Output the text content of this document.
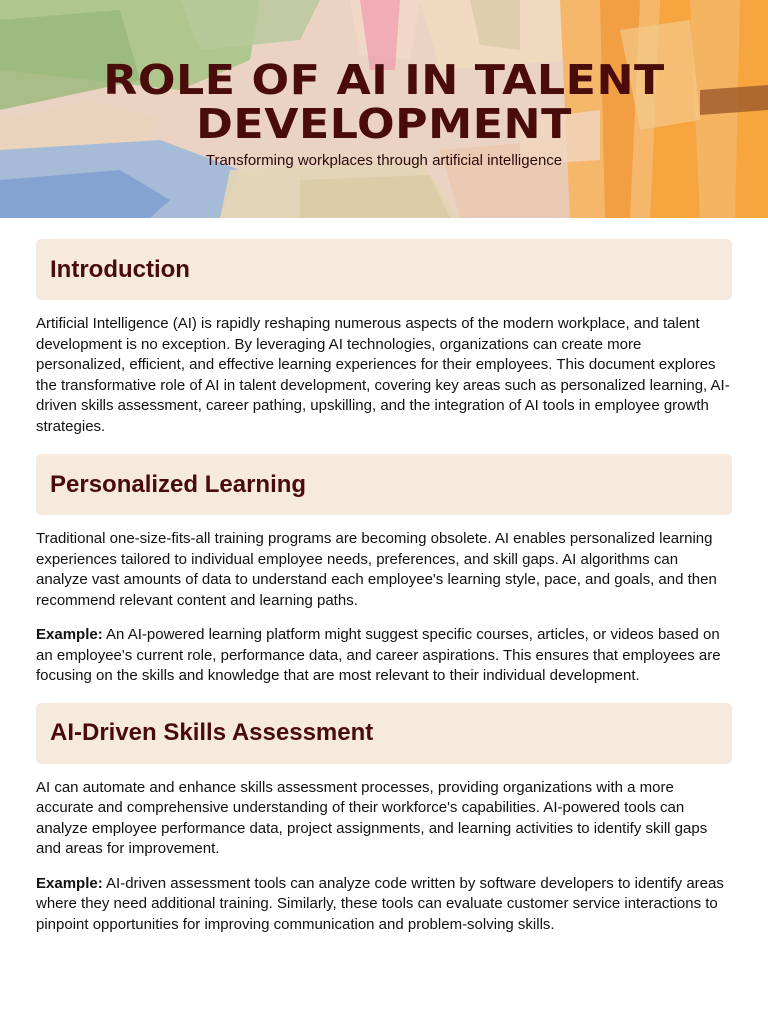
ROLE OF AI IN TALENT
DEVELOPMENT
Transforming workplaces through artificial intelligence
Introduction

Artificial Intelligence (AI) is rapidly reshaping numerous aspects of the modern workplace, and talent development is no exception. By leveraging AI technologies, organizations can create more personalized, efficient, and effective learning experiences for their employees. This document explores the transformative role of AI in talent development, covering key areas such as personalized learning, AI-driven skills assessment, career pathing, upskilling, and the integration of AI tools in employee growth strategies.

Personalized Learning

Traditional one-size-fits-all training programs are becoming obsolete. AI enables personalized learning experiences tailored to individual employee needs, preferences, and skill gaps. AI algorithms can analyze vast amounts of data to understand each employee's learning style, pace, and goals, and then recommend relevant content and learning paths.

Example: An AI-powered learning platform might suggest specific courses, articles, or videos based on an employee's current role, performance data, and career aspirations. This ensures that employees are focusing on the skills and knowledge that are most relevant to their individual development.

AI-Driven Skills Assessment

AI can automate and enhance skills assessment processes, providing organizations with a more accurate and comprehensive understanding of their workforce's capabilities. AI-powered tools can analyze employee performance data, project assignments, and learning activities to identify skill gaps and areas for improvement.

Example: AI-driven assessment tools can analyze code written by software developers to identify areas where they need additional training. Similarly, these tools can evaluate customer service interactions to pinpoint opportunities for improving communication and problem-solving skills.
